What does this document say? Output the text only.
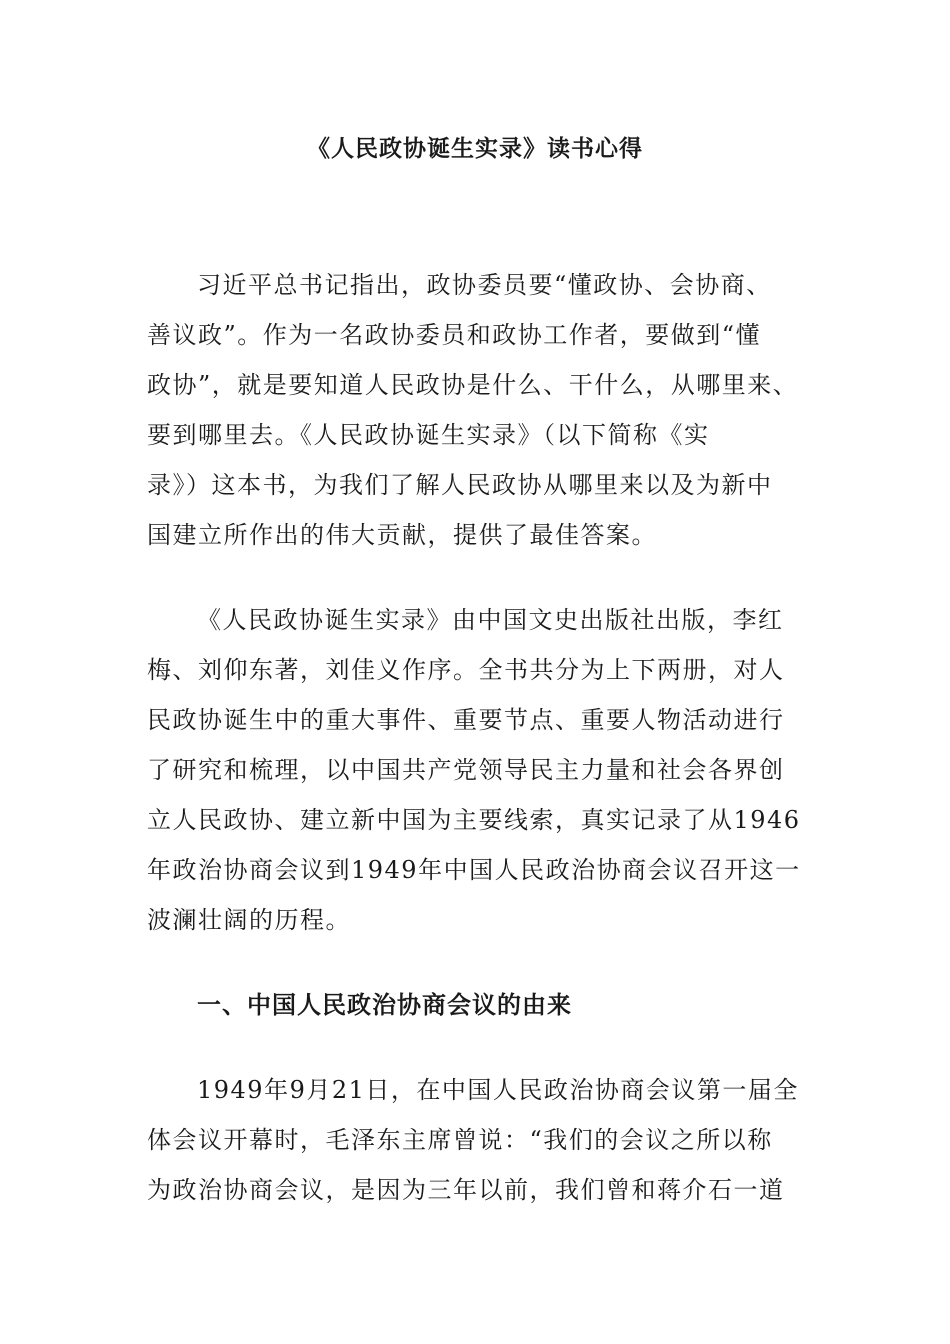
《人民政协诞生实录》读书心得
习近平总书记指出，政协委员要“懂政协、会协商、
善议政”。作为一名政协委员和政协工作者，要做到“懂
政协”，就是要知道人民政协是什么、干什么，从哪里来、
要到哪里去。《人民政协诞生实录》（以下简称《实
录》）这本书，为我们了解人民政协从哪里来以及为新中
国建立所作出的伟大贡献，提供了最佳答案。
《人民政协诞生实录》由中国文史出版社出版，李红
梅、刘仰东著，刘佳义作序。全书共分为上下两册，对人
民政协诞生中的重大事件、重要节点、重要人物活动进行
了研究和梳理，以中国共产党领导民主力量和社会各界创
立人民政协、建立新中国为主要线索，真实记录了从1946
年政治协商会议到1949年中国人民政治协商会议召开这一
波澜壮阔的历程。
一、中国人民政治协商会议的由来
1949年9月21日，在中国人民政治协商会议第一届全
体会议开幕时，毛泽东主席曾说：“我们的会议之所以称
为政治协商会议，是因为三年以前，我们曾和蒋介石一道
